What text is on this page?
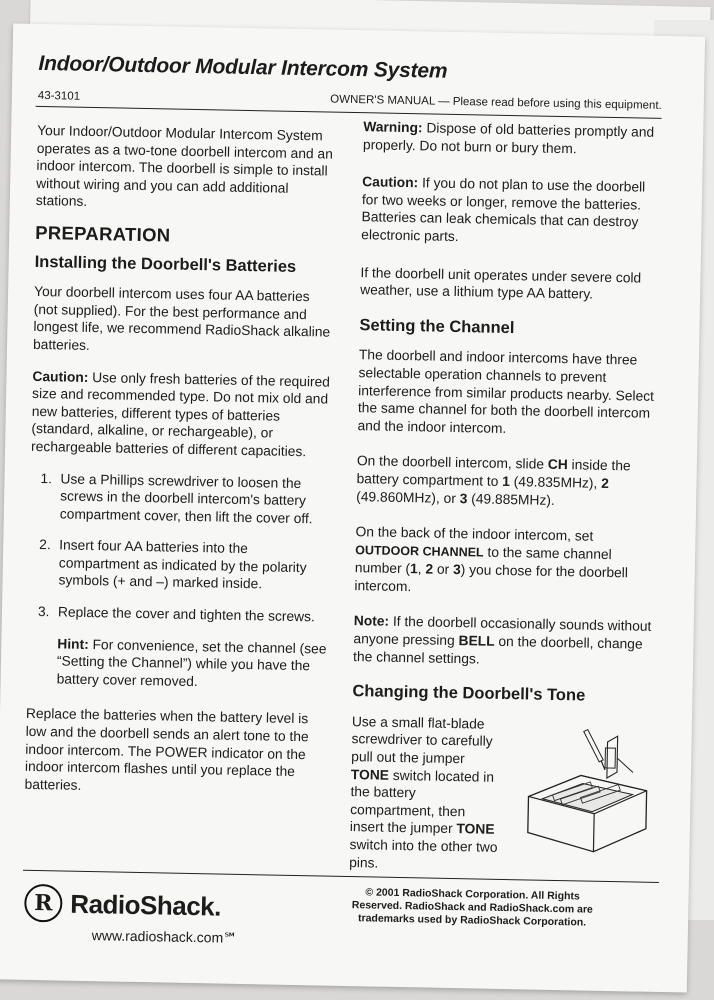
Indoor/Outdoor Modular Intercom System
43-3101	OWNER'S MANUAL — Please read before using this equipment.

Your Indoor/Outdoor Modular Intercom System operates as a two-tone doorbell intercom and an indoor intercom. The doorbell is simple to install without wiring and you can add additional stations.

PREPARATION
Installing the Doorbell's Batteries

Your doorbell intercom uses four AA batteries (not supplied). For the best performance and longest life, we recommend RadioShack alkaline batteries.

Caution: Use only fresh batteries of the required size and recommended type. Do not mix old and new batteries, different types of batteries (standard, alkaline, or rechargeable), or rechargeable batteries of different capacities.

1. Use a Phillips screwdriver to loosen the screws in the doorbell intercom's battery compartment cover, then lift the cover off.
2. Insert four AA batteries into the compartment as indicated by the polarity symbols (+ and –) marked inside.
3. Replace the cover and tighten the screws.

Hint: For convenience, set the channel (see “Setting the Channel”) while you have the battery cover removed.

Replace the batteries when the battery level is low and the doorbell sends an alert tone to the indoor intercom. The POWER indicator on the indoor intercom flashes until you replace the batteries.

Warning: Dispose of old batteries promptly and properly. Do not burn or bury them.

Caution: If you do not plan to use the doorbell for two weeks or longer, remove the batteries. Batteries can leak chemicals that can destroy electronic parts.

If the doorbell unit operates under severe cold weather, use a lithium type AA battery.

Setting the Channel

The doorbell and indoor intercoms have three selectable operation channels to prevent interference from similar products nearby. Select the same channel for both the doorbell intercom and the indoor intercom.

On the doorbell intercom, slide CH inside the battery compartment to 1 (49.835MHz), 2 (49.860MHz), or 3 (49.885MHz).

On the back of the indoor intercom, set OUTDOOR CHANNEL to the same channel number (1, 2 or 3) you chose for the doorbell intercom.

Note: If the doorbell occasionally sounds without anyone pressing BELL on the doorbell, change the channel settings.

Changing the Doorbell's Tone

Use a small flat-blade screwdriver to carefully pull out the jumper TONE switch located in the battery compartment, then insert the jumper TONE switch into the other two pins.

R RadioShack.
www.radioshack.com℠
© 2001 RadioShack Corporation. All Rights Reserved. RadioShack and RadioShack.com are trademarks used by RadioShack Corporation.
